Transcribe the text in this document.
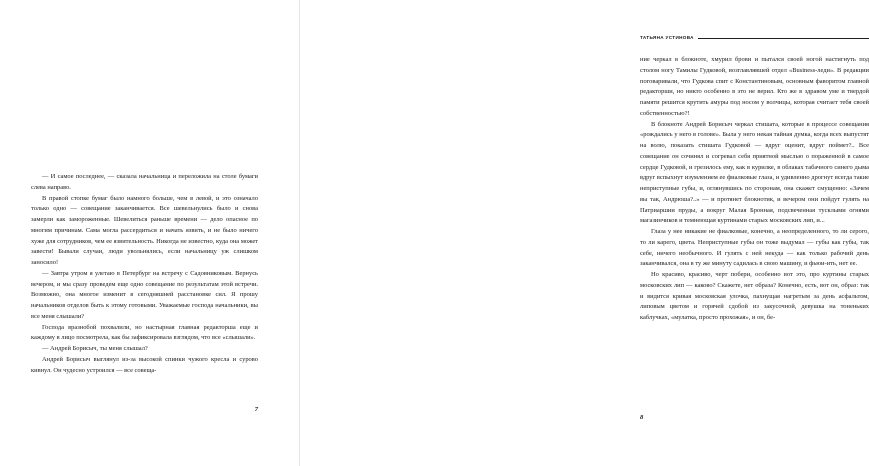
— И самое последнее, — сказала начальница и переложила на столе бумаги слева направо.

В правой стопке бумаг было намного больше, чем в левой, и это означало только одно — совещание заканчивается. Все шевельнулись было и снова замерли как замороженные. Шевелиться раньше времени — дело опасное по многим причинам. Сама могла рассердиться и начать язвить, и не было ничего хуже для сотрудников, чем ее язвительность. Никогда не известно, куда она может завести! Бывали случаи, люди увольнялись, если начальницу уж слишком заносило!

— Завтра утром я улетаю в Петербург на встречу с Садовниковым. Вернусь вечером, и мы сразу проведем еще одно совещание по результатам этой встречи. Возможно, она многое изменит в сегодняшней расстановке сил. Я прошу начальников отделов быть к этому готовыми. Уважаемые господа начальники, вы все меня слышали?

Господа вразнобой похвалили, но настырная главная редакторша еще и каждому в лицо посмотрела, как бы зафиксировала взглядом, что все «слышали».

— Андрей Борисыч, ты меня слышал?

Андрей Борисыч выглянул из-за высокой спинки чужого кресла и сурово кивнул. Он чудесно устроился — все совеща-

7
ТАТЬЯНА УСТИНОВА

ние черкал в блокноте, хмурил брови и пытался своей ногой настигнуть под столом ногу Тамилы Гудковой, возглавлявшей отдел «Business-леди». В редакции поговаривали, что Гудкова спит с Константиновым, основным фаворитом главной редакторши, но никто особенно в это не верил. Кто же в здравом уме и твердой памяти решится крутить амуры под носом у волчицы, которая считает тебя своей собственностью?!

В блокноте Андрей Борисыч черкал стишата, которые в процессе совещания «рождались у него в голове». Была у него некая тайная думка, когда всех выпустят на волю, показать стишата Гудковой — вдруг оценит, вдруг поймет?.. Все совещание он сочинял и согревал себя приятной мыслью о пораженной в самое сердце Гудковой, и грезилось ему, как в курилке, в облаках табачного синего дыма вдруг вспыхнут изумлением ее фиалковые глаза, и удивленно дрогнут всегда такие неприступные губы, и, оглянувшись по сторонам, она скажет смущенно: «Зачем вы так, Андрюша?..» — и протянет блокнотик, и вечером они пойдут гулять на Патриаршии пруды, а вокруг Малая Бронная, подсвеченная тусклыми огнями магазинчиков и темнеющая куртинами старых московских лип, и...

Глаза у нее никакие не фиалковые, конечно, а неопределенного, то ли серого, то ли карего, цвета. Неприступные губы он тоже выдумал — губы как губы, так себе, ничего необычного. И гулять с ней некуда — как только рабочий день заканчивался, она в ту же минуту садилась в свою машину, и фьюи-ить, нет ее.

Но красиво, красиво, черт побери, особенно вот это, про куртины старых московских лип — каково? Скажете, нет образа? Конечно, есть, вот он, образ: так и видится кривая московская улочка, пахнущая нагретым за день асфальтом, липовым цветом и горячей сдобой из закусочной, девушка на тоненьких каблучках, «мулатка, просто прохожая», и он, бе-

8
